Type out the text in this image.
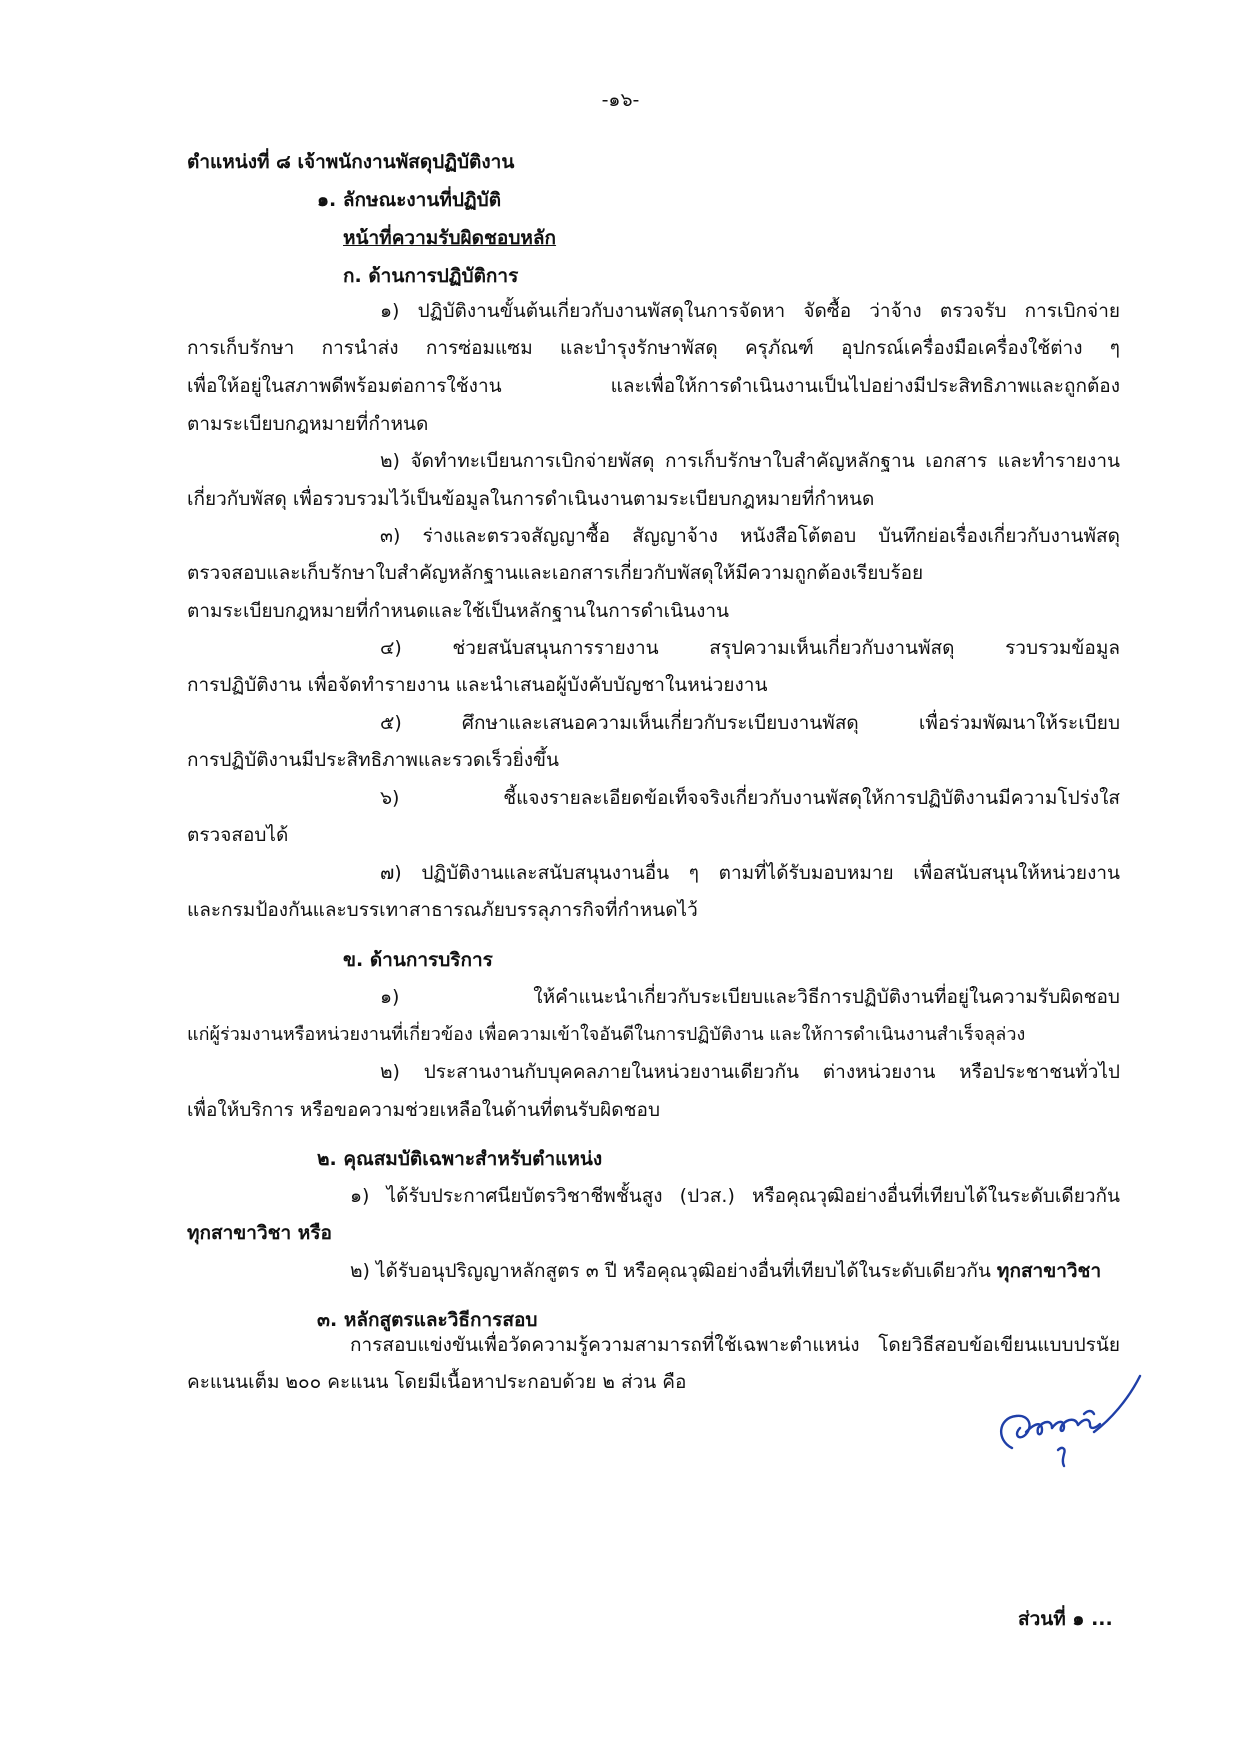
-๑๖-
ตำแหน่งที่ ๘ เจ้าพนักงานพัสดุปฏิบัติงาน
๑. ลักษณะงานที่ปฏิบัติ
หน้าที่ความรับผิดชอบหลัก
ก. ด้านการปฏิบัติการ
๑) ปฏิบัติงานขั้นต้นเกี่ยวกับงานพัสดุในการจัดหา จัดซื้อ ว่าจ้าง ตรวจรับ การเบิกจ่าย
การเก็บรักษา การนำส่ง การซ่อมแซม และบำรุงรักษาพัสดุ ครุภัณฑ์ อุปกรณ์เครื่องมือเครื่องใช้ต่าง ๆ
เพื่อให้อยู่ในสภาพดีพร้อมต่อการใช้งาน และเพื่อให้การดำเนินงานเป็นไปอย่างมีประสิทธิภาพและถูกต้อง
ตามระเบียบกฎหมายที่กำหนด
๒) จัดทำทะเบียนการเบิกจ่ายพัสดุ การเก็บรักษาใบสำคัญหลักฐาน เอกสาร และทำรายงาน
เกี่ยวกับพัสดุ เพื่อรวบรวมไว้เป็นข้อมูลในการดำเนินงานตามระเบียบกฎหมายที่กำหนด
๓) ร่างและตรวจสัญญาซื้อ สัญญาจ้าง หนังสือโต้ตอบ บันทึกย่อเรื่องเกี่ยวกับงานพัสดุ
ตรวจสอบและเก็บรักษาใบสำคัญหลักฐานและเอกสารเกี่ยวกับพัสดุให้มีความถูกต้องเรียบร้อย
ตามระเบียบกฎหมายที่กำหนดและใช้เป็นหลักฐานในการดำเนินงาน
๔) ช่วยสนับสนุนการรายงาน สรุปความเห็นเกี่ยวกับงานพัสดุ รวบรวมข้อมูล
การปฏิบัติงาน เพื่อจัดทำรายงาน และนำเสนอผู้บังคับบัญชาในหน่วยงาน
๕) ศึกษาและเสนอความเห็นเกี่ยวกับระเบียบงานพัสดุ เพื่อร่วมพัฒนาให้ระเบียบ
การปฏิบัติงานมีประสิทธิภาพและรวดเร็วยิ่งขึ้น
๖) ชี้แจงรายละเอียดข้อเท็จจริงเกี่ยวกับงานพัสดุให้การปฏิบัติงานมีความโปร่งใส
ตรวจสอบได้
๗) ปฏิบัติงานและสนับสนุนงานอื่น ๆ ตามที่ได้รับมอบหมาย เพื่อสนับสนุนให้หน่วยงาน
และกรมป้องกันและบรรเทาสาธารณภัยบรรลุภารกิจที่กำหนดไว้
ข. ด้านการบริการ
๑) ให้คำแนะนำเกี่ยวกับระเบียบและวิธีการปฏิบัติงานที่อยู่ในความรับผิดชอบ
แก่ผู้ร่วมงานหรือหน่วยงานที่เกี่ยวข้อง เพื่อความเข้าใจอันดีในการปฏิบัติงาน และให้การดำเนินงานสำเร็จลุล่วง
๒) ประสานงานกับบุคคลภายในหน่วยงานเดียวกัน ต่างหน่วยงาน หรือประชาชนทั่วไป
เพื่อให้บริการ หรือขอความช่วยเหลือในด้านที่ตนรับผิดชอบ
๒. คุณสมบัติเฉพาะสำหรับตำแหน่ง
๑) ได้รับประกาศนียบัตรวิชาชีพชั้นสูง (ปวส.) หรือคุณวุฒิอย่างอื่นที่เทียบได้ในระดับเดียวกัน
ทุกสาขาวิชา หรือ
๒) ได้รับอนุปริญญาหลักสูตร ๓ ปี หรือคุณวุฒิอย่างอื่นที่เทียบได้ในระดับเดียวกัน ทุกสาขาวิชา
๓. หลักสูตรและวิธีการสอบ
การสอบแข่งขันเพื่อวัดความรู้ความสามารถที่ใช้เฉพาะตำแหน่ง โดยวิธีสอบข้อเขียนแบบปรนัย
คะแนนเต็ม ๒๐๐ คะแนน โดยมีเนื้อหาประกอบด้วย ๒ ส่วน คือ
ส่วนที่ ๑ ...
